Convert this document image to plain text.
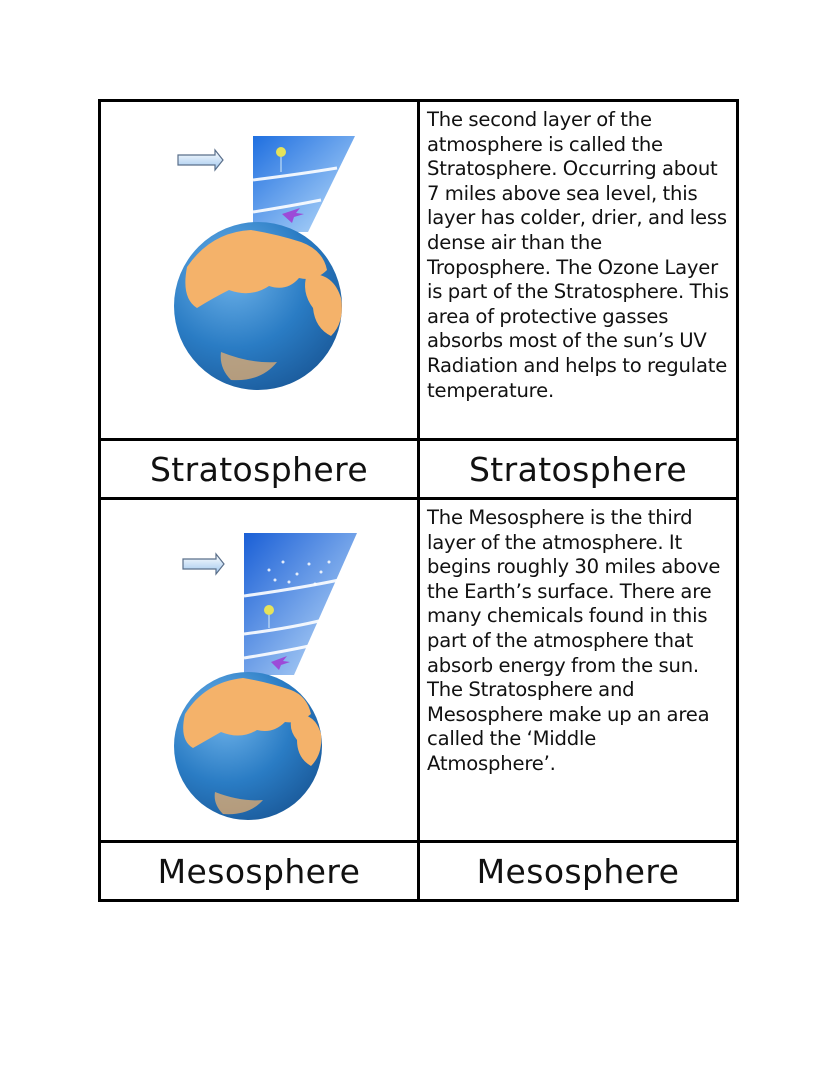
The second layer of the atmosphere is called the Stratosphere. Occurring about 7 miles above sea level, this layer has colder, drier, and less dense air than the Troposphere. The Ozone Layer is part of the Stratosphere. This area of protective gasses absorbs most of the sun’s UV Radiation and helps to regulate temperature.

Stratosphere	Stratosphere

The Mesosphere is the third layer of the atmosphere. It begins roughly 30 miles above the Earth’s surface. There are many chemicals found in this part of the atmosphere that absorb energy from the sun. The Stratosphere and Mesosphere make up an area called the ‘Middle Atmosphere’.

Mesosphere	Mesosphere
